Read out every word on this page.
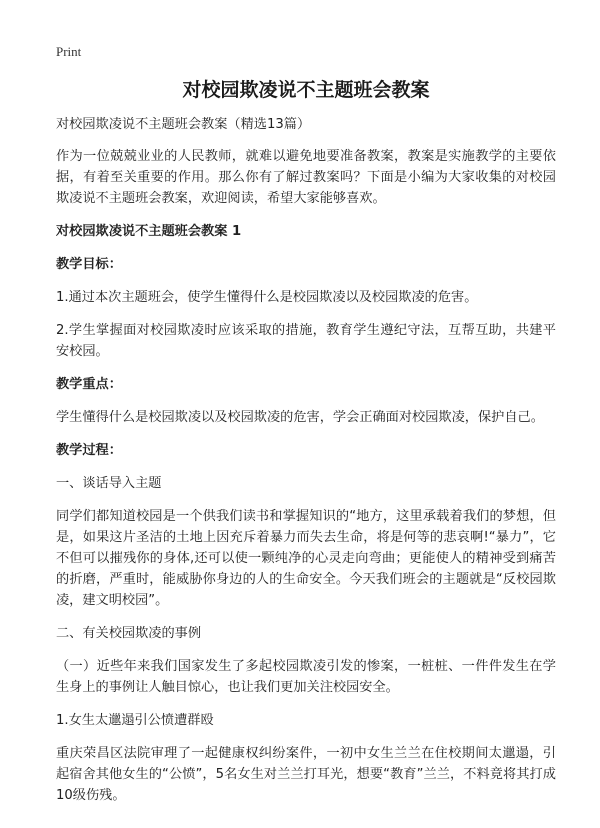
Print
对校园欺凌说不主题班会教案
对校园欺凌说不主题班会教案（精选13篇）
作为一位兢兢业业的人民教师，就难以避免地要准备教案，教案是实施教学的主要依据，有着至关重要的作用。那么你有了解过教案吗？下面是小编为大家收集的对校园欺凌说不主题班会教案，欢迎阅读，希望大家能够喜欢。
对校园欺凌说不主题班会教案 1
教学目标：
1.通过本次主题班会，使学生懂得什么是校园欺凌以及校园欺凌的危害。
2.学生掌握面对校园欺凌时应该采取的措施，教育学生遵纪守法，互帮互助，共建平安校园。
教学重点：
学生懂得什么是校园欺凌以及校园欺凌的危害，学会正确面对校园欺凌，保护自己。
教学过程：
一、谈话导入主题
同学们都知道校园是一个供我们读书和掌握知识的“地方，这里承载着我们的梦想，但是，如果这片圣洁的土地上因充斥着暴力而失去生命，将是何等的悲哀啊!“暴力”，它不但可以摧残你的身体,还可以使一颗纯净的心灵走向弯曲；更能使人的精神受到痛苦的折磨，严重时，能威胁你身边的人的生命安全。今天我们班会的主题就是“反校园欺凌，建文明校园”。
二、有关校园欺凌的事例
（一）近些年来我们国家发生了多起校园欺凌引发的惨案，一桩桩、一件件发生在学生身上的事例让人触目惊心，也让我们更加关注校园安全。
1.女生太邋遢引公愤遭群殴
重庆荣昌区法院审理了一起健康权纠纷案件，一初中女生兰兰在住校期间太邋遢，引起宿舍其他女生的“公愤”，5名女生对兰兰打耳光，想要“教育”兰兰，不料竟将其打成10级伤残。
